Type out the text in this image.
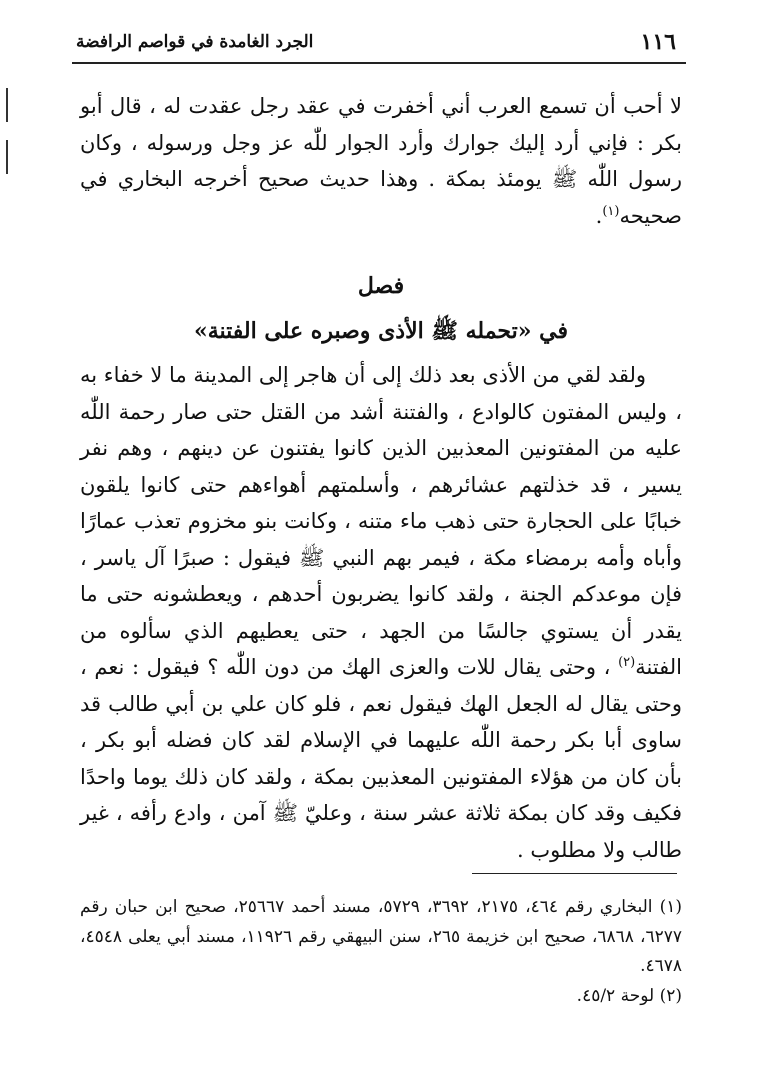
١١٦
الجرد الغامدة في قواصم الرافضة

لا أحب أن تسمع العرب أني أخفرت في عقد رجل عقدت له ، قال أبو بكر : فإني أرد إليك جوارك وأرد الجوار للّٰه عز وجل ورسوله ، وكان رسول اللّٰه ﷺ يومئذ بمكة . وهذا حديث صحيح أخرجه البخاري في صحيحه$^{(١)}$.

فصل

في «تحمله ﷺ الأذى وصبره على الفتنة»

ولقد لقي من الأذى بعد ذلك إلى أن هاجر إلى المدينة ما لا خفاء به ، وليس المفتون كالوادع ، والفتنة أشد من القتل حتى صار رحمة اللّٰه عليه من المفتونين المعذبين الذين كانوا يفتنون عن دينهم ، وهم نفر يسير ، قد خذلتهم عشائرهم ، وأسلمتهم أهواءهم حتى كانوا يلقون خبابًا على الحجارة حتى ذهب ماء متنه ، وكانت بنو مخزوم تعذب عمارًا وأباه وأمه برمضاء مكة ، فيمر بهم النبي ﷺ فيقول : صبرًا آل ياسر ، فإن موعدكم الجنة ، ولقد كانوا يضربون أحدهم ، ويعطشونه حتى ما يقدر أن يستوي جالسًا من الجهد ، حتى يعطيهم الذي سألوه من الفتنة$^{(٢)}$ ، وحتى يقال للات والعزى الهك من دون اللّٰه ؟ فيقول : نعم ، وحتى يقال له الجعل الهك فيقول نعم ، فلو كان علي بن أبي طالب قد ساوى أبا بكر رحمة اللّٰه عليهما في الإسلام لقد كان فضله أبو بكر ، بأن كان من هؤلاء المفتونين المعذبين بمكة ، ولقد كان ذلك يوما واحدًا فكيف وقد كان بمكة ثلاثة عشر سنة ، وعليّ ﷺ آمن ، وادع رأفه ، غير طالب ولا مطلوب .

(١) البخاري رقم ٤٦٤، ٢١٧٥، ٣٦٩٢، ٥٧٢٩، مسند أحمد ٢٥٦٦٧، صحيح ابن حبان رقم ٦٢٧٧، ٦٨٦٨، صحيح ابن خزيمة ٢٦٥، سنن البيهقي رقم ١١٩٢٦، مسند أبي يعلى ٤٥٤٨، ٤٦٧٨.

(٢) لوحة ٤٥/٢.
